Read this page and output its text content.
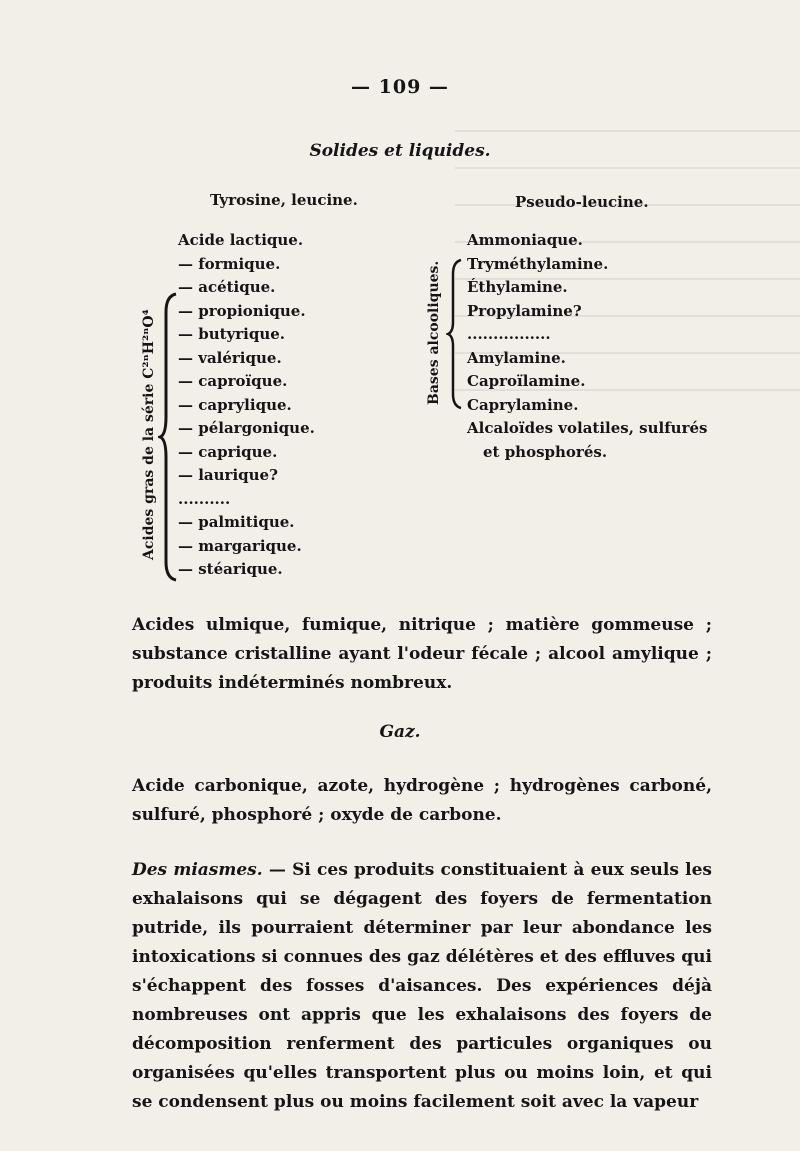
— 109 —
Solides et liquides.
Tyrosine, leucine.	Pseudo-leucine.
Acides gras de la série C²ⁿH²ⁿO⁴
Acide lactique.
— formique.
— acétique.
— propionique.
— butyrique.
— valérique.
— caproïque.
— caprylique.
— pélargonique.
— caprique.
— laurique?
..........
— palmitique.
— margarique.
— stéarique.
Bases alcooliques.
Ammoniaque.
Tryméthylamine.
Éthylamine.
Propylamine?
................
Amylamine.
Caproïlamine.
Caprylamine.
Alcaloïdes volatiles, sulfurés
et phosphorés.

Acides ulmique, fumique, nitrique ; matière gommeuse ; substance cristalline ayant l'odeur fécale ; alcool amylique ; produits indéterminés nombreux.

Gaz.

Acide carbonique, azote, hydrogène ; hydrogènes carboné, sulfuré, phosphoré ; oxyde de carbone.

Des miasmes. — Si ces produits constituaient à eux seuls les exhalaisons qui se dégagent des foyers de fermentation putride, ils pourraient déterminer par leur abondance les intoxications si connues des gaz délétères et des effluves qui s'échappent des fosses d'aisances. Des expériences déjà nombreuses ont appris que les exhalaisons des foyers de décomposition renferment des particules organiques ou organisées qu'elles transportent plus ou moins loin, et qui se condensent plus ou moins facilement soit avec la vapeur
